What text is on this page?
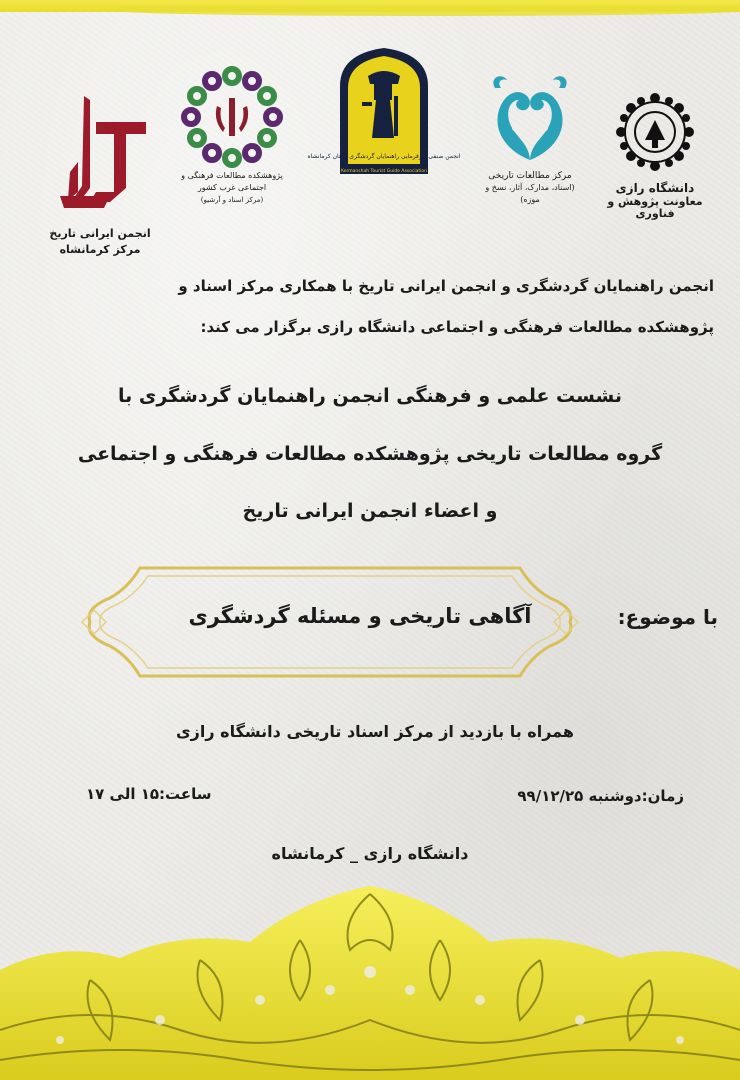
دانشگاه رازی
معاونت پژوهش و فناوری
مرکز مطالعات تاریخی
(اسناد، مدارک، آثار، نسخ و موزه)
انجمن صنفی کارفرمایی راهنمایان گردشگری استان کرمانشاه
Kermanshah Tourist Guide Association
پژوهشکده مطالعات فرهنگی و اجتماعی غرب کشور
(مرکز اسناد و آرشیو)
انجمن ایرانی تاریخ
مرکز کرمانشاه
انجمن راهنمایان گردشگری و انجمن ایرانی تاریخ با همکاری مرکز اسناد و
پژوهشکده مطالعات فرهنگی و اجتماعی دانشگاه رازی برگزار می کند:
نشست علمی و فرهنگی انجمن راهنمایان گردشگری با
گروه مطالعات تاریخی پژوهشکده مطالعات فرهنگی و اجتماعی
و اعضاء انجمن ایرانی تاریخ
با موضوع:
آگاهی تاریخی و مسئله گردشگری
همراه با بازدید از مرکز اسناد تاریخی دانشگاه رازی
زمان:دوشنبه ۹۹/۱۲/۲۵
ساعت:۱۵ الی ۱۷
دانشگاه رازی _ کرمانشاه
